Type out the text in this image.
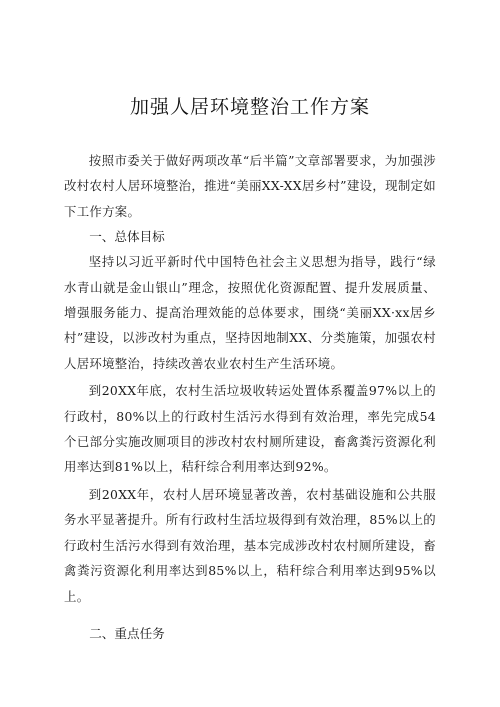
加强人居环境整治工作方案

按照市委关于做好两项改革“后半篇”文章部署要求，为加强涉改村农村人居环境整治，推进“美丽XX-XX居乡村”建设，现制定如下工作方案。

一、总体目标

坚持以习近平新时代中国特色社会主义思想为指导，践行“绿水青山就是金山银山”理念，按照优化资源配置、提升发展质量、增强服务能力、提高治理效能的总体要求，围绕“美丽XX·xx居乡村”建设，以涉改村为重点，坚持因地制XX、分类施策，加强农村人居环境整治，持续改善农业农村生产生活环境。

到20XX年底，农村生活垃圾收转运处置体系覆盖97%以上的行政村，80%以上的行政村生活污水得到有效治理，率先完成54个已部分实施改厕项目的涉改村农村厕所建设，畜禽粪污资源化利用率达到81%以上，秸秆综合利用率达到92%。

到20XX年，农村人居环境显著改善，农村基础设施和公共服务水平显著提升。所有行政村生活垃圾得到有效治理，85%以上的行政村生活污水得到有效治理，基本完成涉改村农村厕所建设，畜禽粪污资源化利用率达到85%以上，秸秆综合利用率达到95%以上。

二、重点任务
